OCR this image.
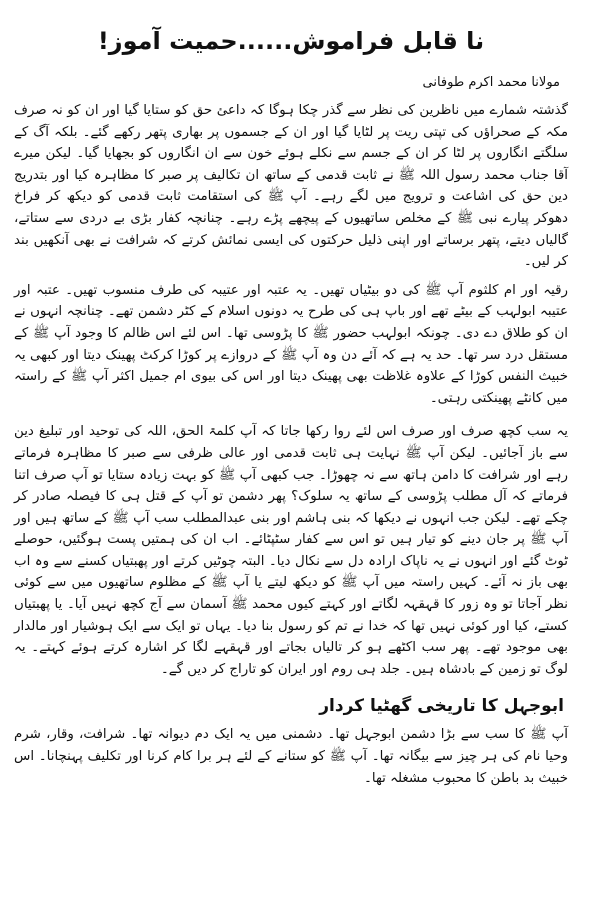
نا قابل فراموش......حمیت آموز!
مولانا محمد اکرم طوفانی

گذشتہ شمارے میں ناظرین کی نظر سے گذر چکا ہوگا کہ داعئ حق کو ستایا گیا اور ان کو نہ صرف مکہ کے صحراؤں کی تپتی ریت پر لٹایا گیا اور ان کے جسموں پر بھاری پتھر رکھے گئے۔ بلکہ آگ کے سلگتے انگاروں پر لٹا کر ان کے جسم سے نکلے ہوئے خون سے ان انگاروں کو بجھایا گیا۔ لیکن میرے آقا جناب محمد رسول اللہ ﷺ نے ثابت قدمی کے ساتھ ان تکالیف پر صبر کا مظاہرہ کیا اور بتدریج دین حق کی اشاعت و ترویج میں لگے رہے۔ آپ ﷺ کی استقامت ثابت قدمی کو دیکھ کر فراخ دھوکر پیارے نبی ﷺ کے مخلص ساتھیوں کے پیچھے پڑے رہے۔ چنانچہ کفار بڑی بے دردی سے ستاتے، گالیاں دیتے، پتھر برساتے اور اپنی ذلیل حرکتوں کی ایسی نمائش کرتے کہ شرافت نے بھی آنکھیں بند کر لیں۔

رقیہ اور ام کلثوم آپ ﷺ کی دو بیٹیاں تھیں۔ یہ عتبہ اور عتیبہ کی طرف منسوب تھیں۔ عتبہ اور عتیبہ ابولہب کے بیٹے تھے اور باپ ہی کی طرح یہ دونوں اسلام کے کٹر دشمن تھے۔ چنانچہ انہوں نے ان کو طلاق دے دی۔ چونکہ ابولہب حضور ﷺ کا پڑوسی تھا۔ اس لئے اس ظالم کا وجود آپ ﷺ کے مستقل درد سر تھا۔ حد یہ ہے کہ آئے دن وہ آپ ﷺ کے دروازے پر کوڑا کرکٹ پھینک دیتا اور کبھی یہ خبیث النفس کوڑا کے علاوہ غلاظت بھی پھینک دیتا اور اس کی بیوی ام جمیل اکثر آپ ﷺ کے راستہ میں کانٹے پھینکتی رہتی۔

یہ سب کچھ صرف اور صرف اس لئے روا رکھا جاتا کہ آپ کلمۃ الحق، اللہ کی توحید اور تبلیغ دین سے باز آجائیں۔ لیکن آپ ﷺ نہایت ہی ثابت قدمی اور عالی ظرفی سے صبر کا مظاہرہ فرماتے رہے اور شرافت کا دامن ہاتھ سے نہ چھوڑا۔ جب کبھی آپ ﷺ کو بہت زیادہ ستایا تو آپ صرف اتنا فرماتے کہ آل مطلب پڑوسی کے ساتھ یہ سلوک؟ پھر دشمن تو آپ کے قتل ہی کا فیصلہ صادر کر چکے تھے۔ لیکن جب انہوں نے دیکھا کہ بنی ہاشم اور بنی عبدالمطلب سب آپ ﷺ کے ساتھ ہیں اور آپ ﷺ پر جان دینے کو تیار ہیں تو اس سے کفار سٹپٹائے۔ اب ان کی ہمتیں پست ہوگئیں، حوصلے ٹوٹ گئے اور انہوں نے یہ ناپاک ارادہ دل سے نکال دیا۔ البتہ چوٹیں کرتے اور پھبتیاں کسنے سے وہ اب بھی باز نہ آئے۔ کہیں راستہ میں آپ ﷺ کو دیکھ لیتے یا آپ ﷺ کے مظلوم ساتھیوں میں سے کوئی نظر آجاتا تو وہ زور کا قہقہہ لگاتے اور کہتے کیوں محمد ﷺ آسمان سے آج کچھ نہیں آیا۔ یا پھبتیاں کستے، کیا اور کوئی نہیں تھا کہ خدا نے تم کو رسول بنا دیا۔ یہاں تو ایک سے ایک ہوشیار اور مالدار بھی موجود تھے۔ پھر سب اکٹھے ہو کر تالیاں بجاتے اور قہقہے لگا کر اشارہ کرتے ہوئے کہتے۔ یہ لوگ تو زمین کے بادشاہ ہیں۔ جلد ہی روم اور ایران کو تاراج کر دیں گے۔

ابوجہل کا تاریخی گھٹیا کردار

آپ ﷺ کا سب سے بڑا دشمن ابوجہل تھا۔ دشمنی میں یہ ایک دم دیوانہ تھا۔ شرافت، وقار، شرم وحیا نام کی ہر چیز سے بیگانہ تھا۔ آپ ﷺ کو ستانے کے لئے ہر برا کام کرنا اور تکلیف پہنچانا۔ اس خبیث بد باطن کا محبوب مشغلہ تھا۔
